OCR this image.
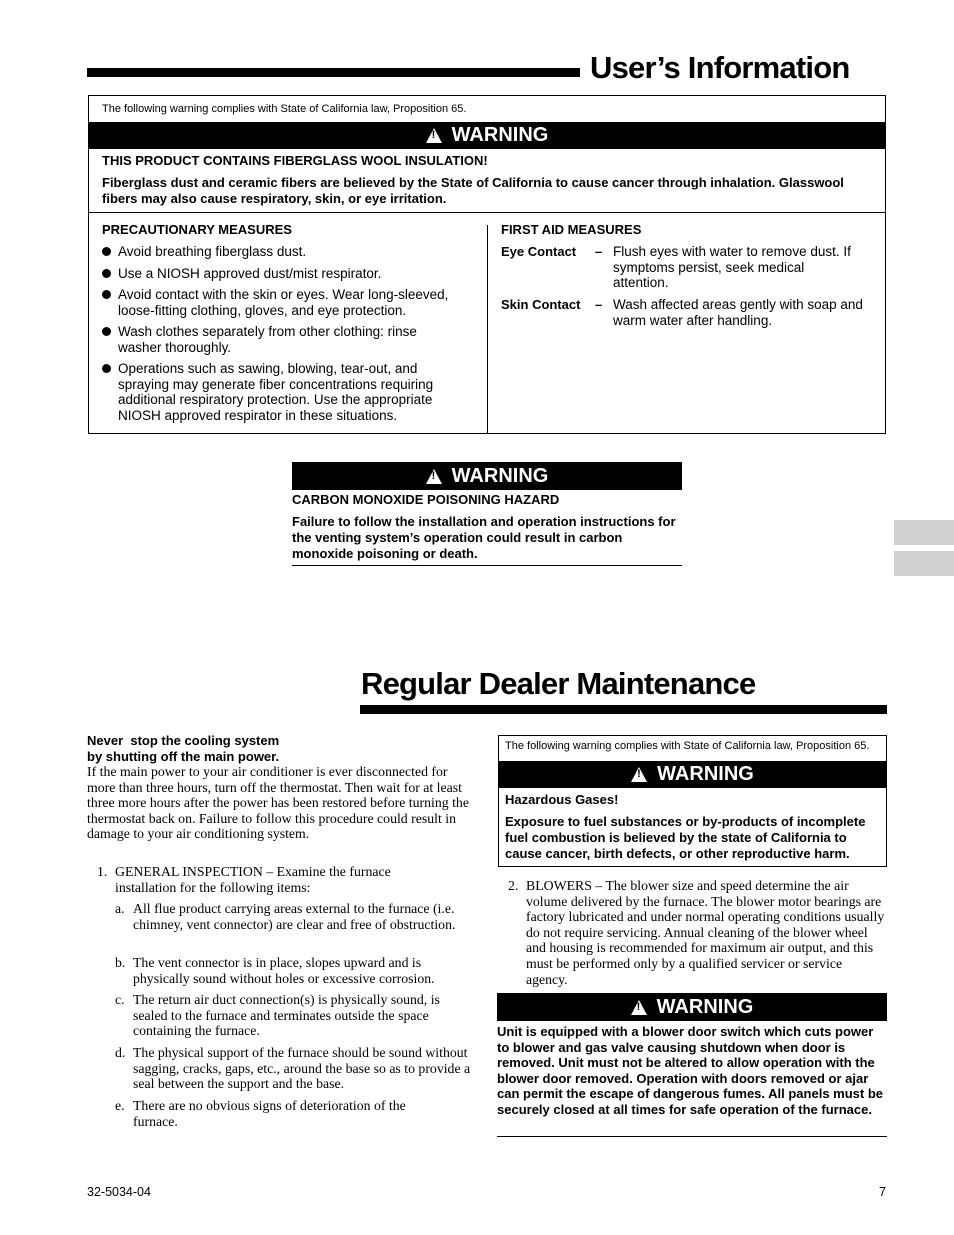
User’s Information
The following warning complies with State of California law, Proposition 65.
!
WARNING
THIS PRODUCT CONTAINS FIBERGLASS WOOL INSULATION!
Fiberglass dust and ceramic fibers are believed by the State of California to cause cancer through inhalation. Glasswool fibers may also cause respiratory, skin, or eye irritation.
PRECAUTIONARY MEASURES
Avoid breathing fiberglass dust.
Use a NIOSH approved dust/mist respirator.
Avoid contact with the skin or eyes. Wear long-sleeved, loose-fitting clothing, gloves, and eye protection.
Wash clothes separately from other clothing: rinse washer thoroughly.
Operations such as sawing, blowing, tear-out, and spraying may generate fiber concentrations requiring additional respiratory protection. Use the appropriate NIOSH approved respirator in these situations.
FIRST AID MEASURES
Eye Contact – Flush eyes with water to remove dust. If symptoms persist, seek medical attention.
Skin Contact – Wash affected areas gently with soap and warm water after handling.
!
WARNING
CARBON MONOXIDE POISONING HAZARD
Failure to follow the installation and operation instructions for the venting system’s operation could result in carbon monoxide poisoning or death.
Regular Dealer Maintenance
Never  stop the cooling system
by shutting off the main power.
If the main power to your air conditioner is ever disconnected for more than three hours, turn off the thermostat. Then wait for at least three more hours after the power has been restored before turning the thermostat back on. Failure to follow this procedure could result in damage to your air conditioning system.
1. GENERAL INSPECTION – Examine the furnace installation for the following items:
a. All flue product carrying areas external to the furnace (i.e. chimney, vent connector) are clear and free of obstruction.
b. The vent connector is in place, slopes upward and is physically sound without holes or excessive corrosion.
c. The return air duct connection(s) is physically sound, is sealed to the furnace and terminates outside the space containing the furnace.
d. The physical support of the furnace should be sound without sagging, cracks, gaps, etc., around the base so as to provide a seal between the support and the base.
e. There are no obvious signs of deterioration of the furnace.
The following warning complies with State of California law, Proposition 65.
!
WARNING
Hazardous Gases!
Exposure to fuel substances or by-products of incomplete fuel combustion is believed by the state of California to cause cancer, birth defects, or other reproductive harm.
2. BLOWERS – The blower size and speed determine the air volume delivered by the furnace. The blower motor bearings are factory lubricated and under normal operating conditions usually do not require servicing. Annual cleaning of the blower wheel and housing is recommended for maximum air output, and this must be performed only by a qualified servicer or service agency.
!
WARNING
Unit is equipped with a blower door switch which cuts power to blower and gas valve causing shutdown when door is removed. Unit must not be altered to allow operation with the blower door removed. Operation with doors removed or ajar can permit the escape of dangerous fumes. All panels must be securely closed at all times for safe operation of the furnace.
32-5034-04	7
